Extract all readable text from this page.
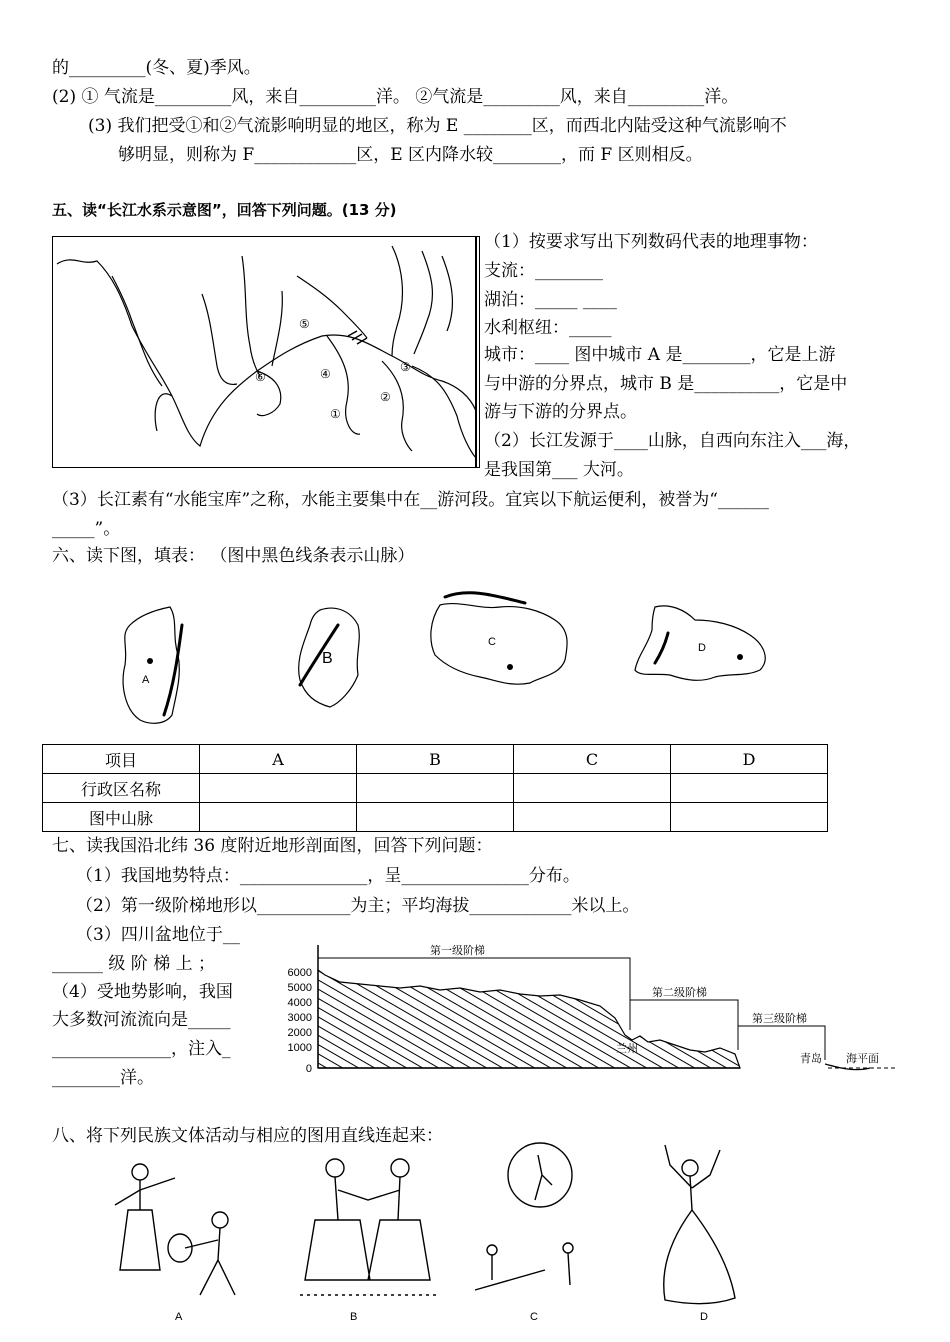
的_________(冬、夏)季风。
(2) ① 气流是_________风，来自_________洋。 ②气流是_________风，来自_________洋。
(3) 我们把受①和②气流影响明显的地区，称为 E ________区，而西北内陆受这种气流影响不
够明显，则称为 F____________区，E 区内降水较________，而 F 区则相反。
五、读“长江水系示意图”，回答下列问题。(13 分)
⑤
⑥	④
①
②
③
（1）按要求写出下列数码代表的地理事物：
支流：________
湖泊：_____ ____
水利枢纽：_____
城市：____ 图中城市 A 是________，它是上游
与中游的分界点，城市 B 是__________，它是中
游与下游的分界点。
（2）长江发源于____山脉，自西向东注入___海，
是我国第___ 大河。
（3）长江素有“水能宝库”之称，水能主要集中在__游河段。宜宾以下航运便利，被誉为“______
_____”。
六、读下图，填表： （图中黑色线条表示山脉）
A
B
C	D
项目	A	B	C	D
行政区名称				
图中山脉				
七、读我国沿北纬 36 度附近地形剖面图，回答下列问题：
（1）我国地势特点：_______________，呈_______________分布。
（2）第一级阶梯地形以___________为主；平均海拔____________米以上。
（3）四川盆地位于__
______ 级 阶 梯 上 ；
（4）受地势影响，我国
大多数河流流向是_____
______________，注入_
________洋。
6000
5000
4000
3000
2000
1000
0
第一级阶梯
第二级阶梯
第三级阶梯
兰州
青岛 海平面
八、将下列民族文体活动与相应的图用直线连起来：
A	B	C	D
